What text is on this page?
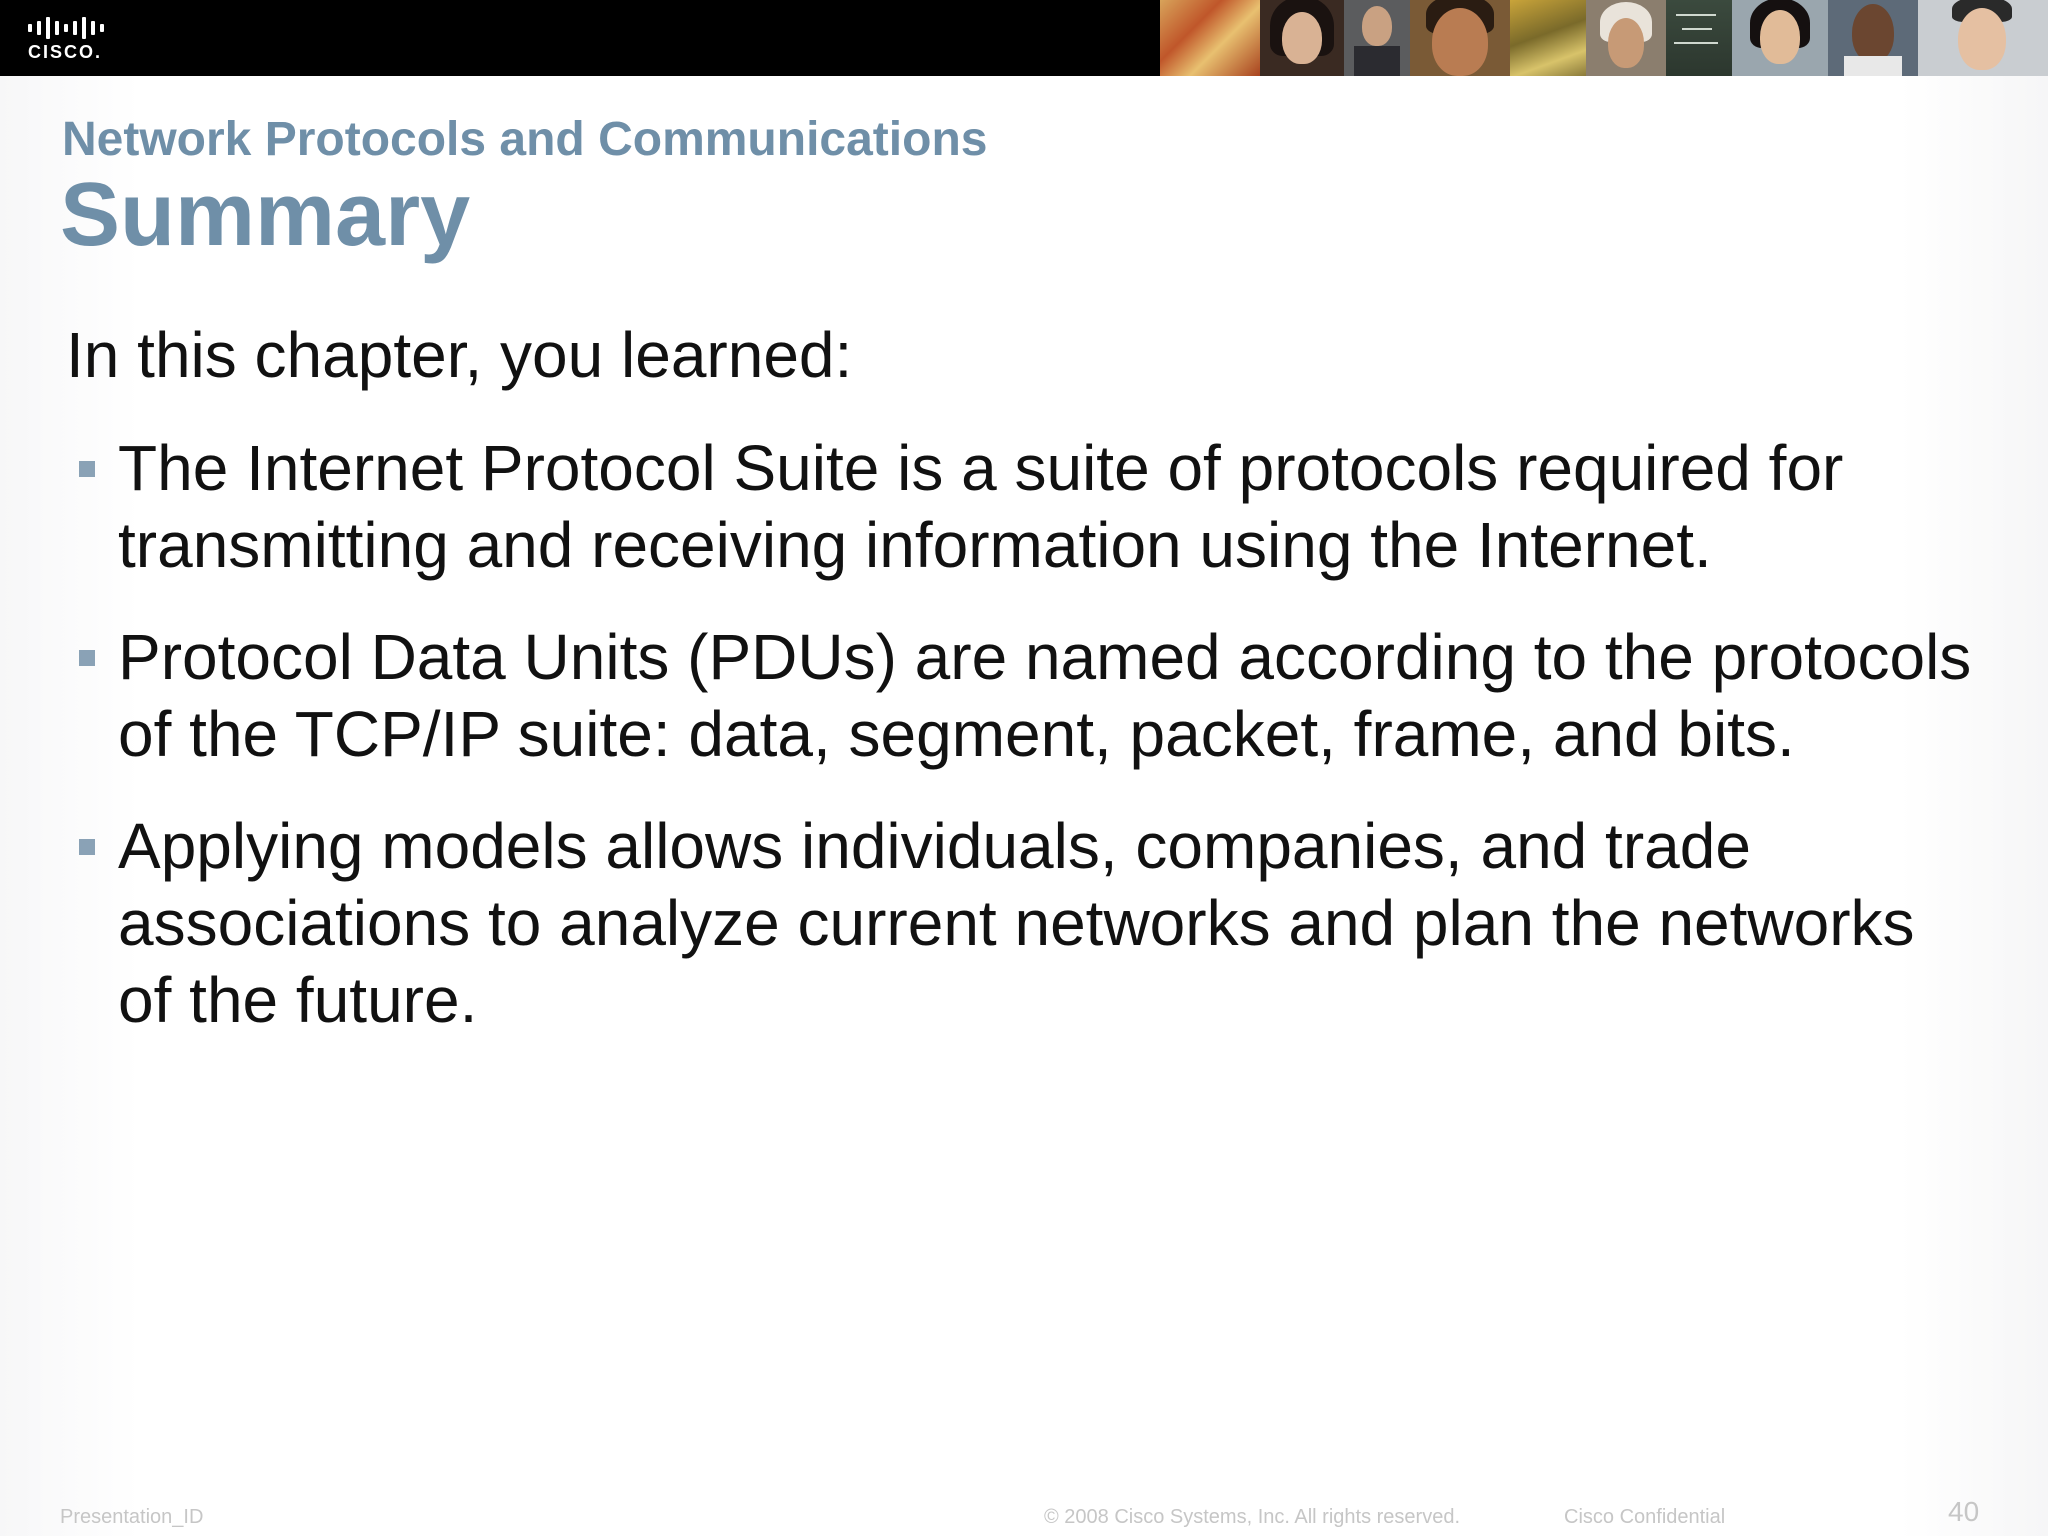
CISCO.
Network Protocols and Communications
Summary
In this chapter, you learned:
The Internet Protocol Suite is a suite of protocols required for transmitting and receiving information using the Internet.
Protocol Data Units (PDUs) are named according to the protocols of the TCP/IP suite: data, segment, packet, frame, and bits.
Applying models allows individuals, companies, and trade associations to analyze current networks and plan the networks of the future.
Presentation_ID	© 2008 Cisco Systems, Inc. All rights reserved.	Cisco Confidential	40
